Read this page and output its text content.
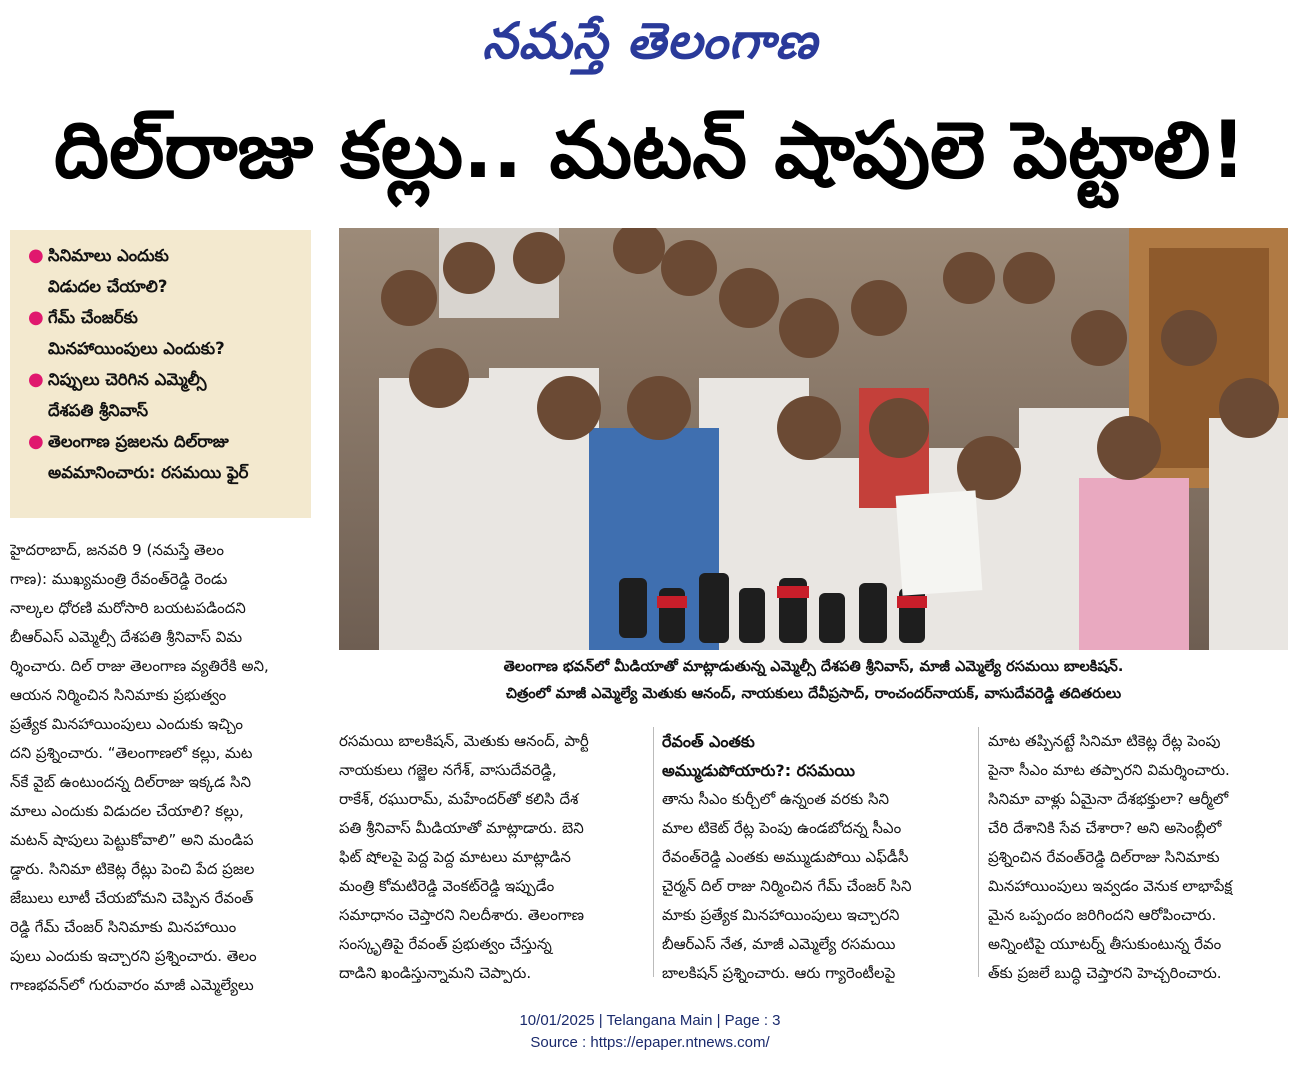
నమస్తే తెలంగాణ
దిల్‌రాజు కల్లు.. మటన్ షాపులె పెట్టాలి!
● సినిమాలు ఎందుకు
విడుదల చేయాలి?
● గేమ్ చేంజర్‌కు
మినహాయింపులు ఎందుకు?
● నిప్పులు చెరిగిన ఎమ్మెల్సీ
దేశపతి శ్రీనివాస్
● తెలంగాణ ప్రజలను దిల్‌రాజు
అవమానించారు: రసమయి ఫైర్
తెలంగాణ భవన్‌లో మీడియాతో మాట్లాడుతున్న ఎమ్మెల్సీ దేశపతి శ్రీనివాస్, మాజీ ఎమ్మెల్యే రసమయి బాలకిషన్.
చిత్రంలో మాజీ ఎమ్మెల్యే మెతుకు ఆనంద్, నాయకులు దేవీప్రసాద్, రాంచందర్‌నాయక్, వాసుదేవరెడ్డి తదితరులు
హైదరాబాద్, జనవరి 9 (నమస్తే తెలం
గాణ): ముఖ్యమంత్రి రేవంత్‌రెడ్డి రెండు
నాల్కల ధోరణి మరోసారి బయటపడిందని
బీఆర్‌ఎస్ ఎమ్మెల్సీ దేశపతి శ్రీనివాస్ విమ
ర్శించారు. దిల్ రాజు తెలంగాణ వ్యతిరేకి అని,
ఆయన నిర్మించిన సినిమాకు ప్రభుత్వం
ప్రత్యేక మినహాయింపులు ఎందుకు ఇచ్చిం
దని ప్రశ్నించారు. “తెలంగాణలో కల్లు, మట
న్‌కే వైబ్ ఉంటుందన్న దిల్‌రాజు ఇక్కడ సిని
మాలు ఎందుకు విడుదల చేయాలి? కల్లు,
మటన్ షాపులు పెట్టుకోవాలి” అని మండిప
డ్డారు. సినిమా టికెట్ల రేట్లు పెంచి పేద ప్రజల
జేబులు లూటీ చేయబోమని చెప్పిన రేవంత్
రెడ్డి గేమ్ చేంజర్ సినిమాకు మినహాయిం
పులు ఎందుకు ఇచ్చారని ప్రశ్నించారు. తెలం
గాణభవన్‌లో గురువారం మాజీ ఎమ్మెల్యేలు
రసమయి బాలకిషన్, మెతుకు ఆనంద్, పార్టీ
నాయకులు గజ్జెల నగేశ్, వాసుదేవరెడ్డి,
రాకేశ్, రఘురామ్, మహేందర్‌తో కలిసి దేశ
పతి శ్రీనివాస్ మీడియాతో మాట్లాడారు. బెని
ఫిట్ షోలపై పెద్ద పెద్ద మాటలు మాట్లాడిన
మంత్రి కోమటిరెడ్డి వెంకట్‌రెడ్డి ఇప్పుడేం
సమాధానం చెప్తారని నిలదీశారు. తెలంగాణ
సంస్కృతిపై రేవంత్ ప్రభుత్వం చేస్తున్న
దాడిని ఖండిస్తున్నామని చెప్పారు.
రేవంత్ ఎంతకు
అమ్ముడుపోయారు?: రసమయి
తాను సీఎం కుర్చీలో ఉన్నంత వరకు సిని
మాల టికెట్ రేట్ల పెంపు ఉండబోదన్న సీఎం
రేవంత్‌రెడ్డి ఎంతకు అమ్ముడుపోయి ఎఫ్‌డీసీ
చైర్మన్ దిల్ రాజు నిర్మించిన గేమ్ చేంజర్ సిని
మాకు ప్రత్యేక మినహాయింపులు ఇచ్చారని
బీఆర్‌ఎస్ నేత, మాజీ ఎమ్మెల్యే రసమయి
బాలకిషన్ ప్రశ్నించారు. ఆరు గ్యారెంటీలపై
మాట తప్పినట్టే సినిమా టికెట్ల రేట్ల పెంపు
పైనా సీఎం మాట తప్పారని విమర్శించారు.
సినిమా వాళ్లు ఏమైనా దేశభక్తులా? ఆర్మీలో
చేరి దేశానికి సేవ చేశారా? అని అసెంబ్లీలో
ప్రశ్నించిన రేవంత్‌రెడ్డి దిల్‌రాజు సినిమాకు
మినహాయింపులు ఇవ్వడం వెనుక లాభాపేక్ష
మైన ఒప్పందం జరిగిందని ఆరోపించారు.
అన్నింటిపై యూటర్న్ తీసుకుంటున్న రేవం
త్‌కు ప్రజలే బుద్ధి చెప్తారని హెచ్చరించారు.
10/01/2025 | Telangana Main | Page : 3
Source : https://epaper.ntnews.com/
